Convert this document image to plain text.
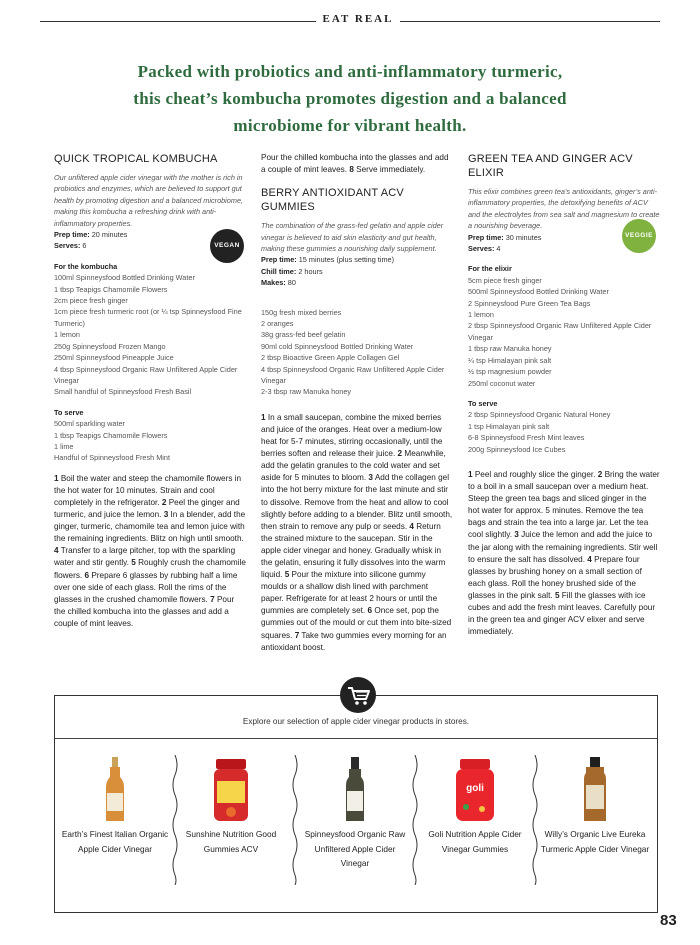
EAT REAL
Packed with probiotics and anti-inflammatory turmeric,
this cheat’s kombucha promotes digestion and a balanced
microbiome for vibrant health.
QUICK TROPICAL KOMBUCHA
Our unfiltered apple cider vinegar with the mother is rich in probiotics and enzymes, which are believed to support gut health by promoting digestion and a balanced microbiome, making this kombucha a refreshing drink with anti-inflammatory properties.
Prep time: 20 minutes
Serves: 6
For the kombucha
100ml Spinneysfood Bottled Drinking Water
1 tbsp Teapigs Chamomile Flowers
2cm piece fresh ginger
1cm piece fresh turmeric root (or ¼ tsp Spinneysfood Fine Turmeric)
1 lemon
250g Spinneysfood Frozen Mango
250ml Spinneysfood Pineapple Juice
4 tbsp Spinneysfood Organic Raw Unfiltered Apple Cider Vinegar
Small handful of Spinneysfood Fresh Basil
To serve
500ml sparkling water
1 tbsp Teapigs Chamomile Flowers
1 lime
Handful of Spinneysfood Fresh Mint
1 Boil the water and steep the chamomile flowers in the hot water for 10 minutes. Strain and cool completely in the refrigerator. 2 Peel the ginger and turmeric, and juice the lemon. 3 In a blender, add the ginger, turmeric, chamomile tea and lemon juice with the remaining ingredients. Blitz on high until smooth. 4 Transfer to a large pitcher, top with the sparkling water and stir gently. 5 Roughly crush the chamomile flowers. 6 Prepare 6 glasses by rubbing half a lime over one side of each glass. Roll the rims of the glasses in the crushed chamomile flowers. 7 Pour the chilled kombucha into the glasses and add a couple of mint leaves.
Pour the chilled kombucha into the glasses and add a couple of mint leaves. 8 Serve immediately.
BERRY ANTIOXIDANT ACV GUMMIES
The combination of the grass-fed gelatin and apple cider vinegar is believed to aid skin elasticity and gut health, making these gummies a nourishing daily supplement.
Prep time: 15 minutes (plus setting time)
Chill time: 2 hours
Makes: 80
150g fresh mixed berries
2 oranges
38g grass-fed beef gelatin
90ml cold Spinneysfood Bottled Drinking Water
2 tbsp Bioactive Green Apple Collagen Gel
4 tbsp Spinneysfood Organic Raw Unfiltered Apple Cider Vinegar
2-3 tbsp raw Manuka honey
1 In a small saucepan, combine the mixed berries and juice of the oranges. Heat over a medium-low heat for 5-7 minutes, stirring occasionally, until the berries soften and release their juice. 2 Meanwhile, add the gelatin granules to the cold water and set aside for 5 minutes to bloom. 3 Add the collagen gel into the hot berry mixture for the last minute and stir to dissolve. Remove from the heat and allow to cool slightly before adding to a blender. Blitz until smooth, then strain to remove any pulp or seeds. 4 Return the strained mixture to the saucepan. Stir in the apple cider vinegar and honey. Gradually whisk in the gelatin, ensuring it fully dissolves into the warm liquid. 5 Pour the mixture into silicone gummy moulds or a shallow dish lined with parchment paper. Refrigerate for at least 2 hours or until the gummies are completely set. 6 Once set, pop the gummies out of the mould or cut them into bite-sized squares. 7 Take two gummies every morning for an antioxidant boost.
GREEN TEA AND GINGER ACV ELIXIR
This elixir combines green tea’s antioxidants, ginger’s anti-inflammatory properties, the detoxifying benefits of ACV and the electrolytes from sea salt and magnesium to create a nourishing beverage.
Prep time: 30 minutes
Serves: 4
For the elixir
5cm piece fresh ginger
500ml Spinneysfood Bottled Drinking Water
2 Spinneysfood Pure Green Tea Bags
1 lemon
2 tbsp Spinneysfood Organic Raw Unfiltered Apple Cider Vinegar
1 tbsp raw Manuka honey
¼ tsp Himalayan pink salt
½ tsp magnesium powder
250ml coconut water
To serve
2 tbsp Spinneysfood Organic Natural Honey
1 tsp Himalayan pink salt
6-8 Spinneysfood Fresh Mint leaves
200g Spinneysfood Ice Cubes
1 Peel and roughly slice the ginger. 2 Bring the water to a boil in a small saucepan over a medium heat. Steep the green tea bags and sliced ginger in the hot water for approx. 5 minutes. Remove the tea bags and strain the tea into a large jar. Let the tea cool slightly. 3 Juice the lemon and add the juice to the jar along with the remaining ingredients. Stir well to ensure the salt has dissolved. 4 Prepare four glasses by brushing honey on a small section of each glass. Roll the honey brushed side of the glasses in the pink salt. 5 Fill the glasses with ice cubes and add the fresh mint leaves. Carefully pour in the green tea and ginger ACV elixer and serve immediately.
VEGAN
VEGGIE
Explore our selection of apple cider vinegar products in stores.
Earth’s Finest Italian Organic Apple Cider Vinegar
Sunshine Nutrition Good Gummies ACV
Spinneysfood Organic Raw Unfiltered Apple Cider Vinegar
goli
Goli Nutrition Apple Cider Vinegar Gummies
Willy’s Organic Live Eureka Turmeric Apple Cider Vinegar
83
